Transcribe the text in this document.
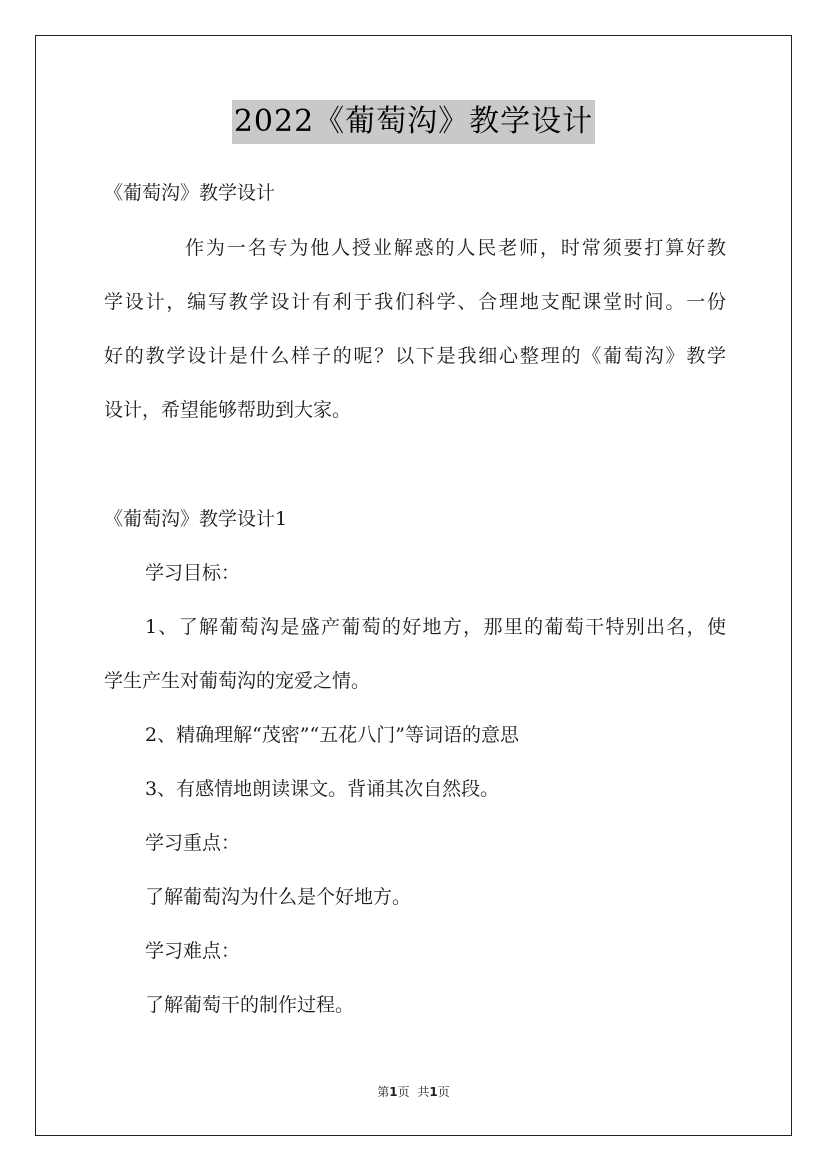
2022《葡萄沟》教学设计
《葡萄沟》教学设计
作为一名专为他人授业解惑的人民老师，时常须要打算好教
学设计，编写教学设计有利于我们科学、合理地支配课堂时间。一份
好的教学设计是什么样子的呢？以下是我细心整理的《葡萄沟》教学
设计，希望能够帮助到大家。
《葡萄沟》教学设计1
学习目标：
1、了解葡萄沟是盛产葡萄的好地方，那里的葡萄干特别出名，使
学生产生对葡萄沟的宠爱之情。
2、精确理解“茂密”“五花八门”等词语的意思
3、有感情地朗读课文。背诵其次自然段。
学习重点：
了解葡萄沟为什么是个好地方。
学习难点：
了解葡萄干的制作过程。
第1页 共1页
